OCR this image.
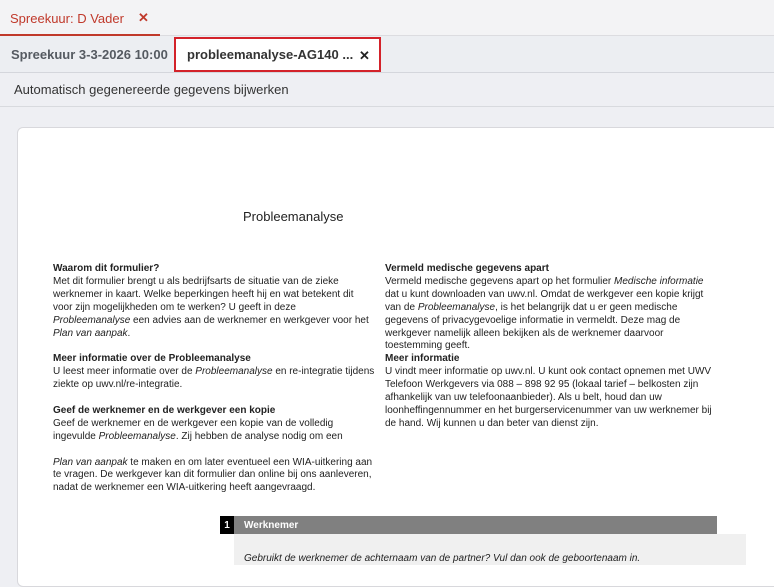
Spreekuur: D Vader ✕
Spreekuur 3-3-2026 10:00 probleemanalyse-AG140 ... ✕
Automatisch gegenereerde gegevens bijwerken
Probleemanalyse

Waarom dit formulier?
Met dit formulier brengt u als bedrijfsarts de situatie van de zieke werknemer in kaart. Welke beperkingen heeft hij en wat betekent dit voor zijn mogelijkheden om te werken? U geeft in deze Probleemanalyse een advies aan de werknemer en werkgever voor het Plan van aanpak.

Meer informatie over de Probleemanalyse
U leest meer informatie over de Probleemanalyse en re-integratie tijdens ziekte op uwv.nl/re-integratie.

Geef de werknemer en de werkgever een kopie
Geef de werknemer en de werkgever een kopie van de volledig ingevulde Probleemanalyse. Zij hebben de analyse nodig om een

Plan van aanpak te maken en om later eventueel een WIA-uitkering aan te vragen. De werkgever kan dit formulier dan online bij ons aanleveren, nadat de werknemer een WIA-uitkering heeft aangevraagd.

Vermeld medische gegevens apart
Vermeld medische gegevens apart op het formulier Medische informatie dat u kunt downloaden van uwv.nl. Omdat de werkgever een kopie krijgt van de Probleemanalyse, is het belangrijk dat u er geen medische gegevens of privacygevoelige informatie in vermeldt. Deze mag de werkgever namelijk alleen bekijken als de werknemer daarvoor toestemming geeft.

Meer informatie
U vindt meer informatie op uwv.nl. U kunt ook contact opnemen met UWV Telefoon Werkgevers via 088 – 898 92 95 (lokaal tarief – belkosten zijn afhankelijk van uw telefoonaanbieder). Als u belt, houd dan uw loonheffingennummer en het burgerservicenummer van uw werknemer bij de hand. Wij kunnen u dan beter van dienst zijn.

1	Werknemer
Gebruikt de werknemer de achternaam van de partner? Vul dan ook de geboortenaam in.
